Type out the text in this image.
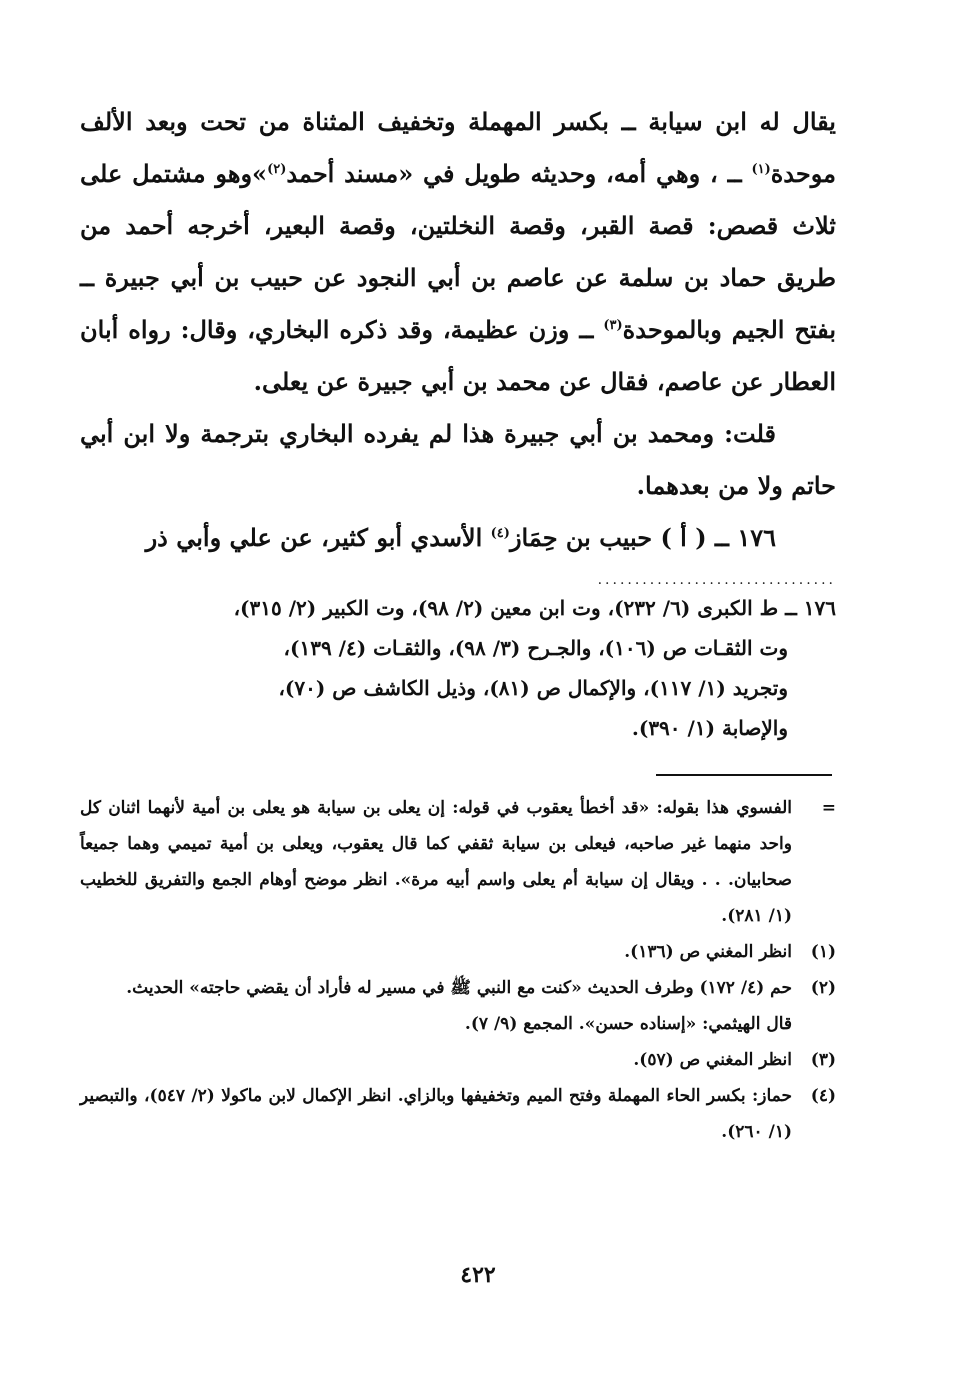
يقال له ابن سيابة ــ بكسر المهملة وتخفيف المثناة من تحت وبعد الألف موحدة$^{(١)}$ ــ ، وهي أمه، وحديثه طويل في «مسند أحمد$^{(٢)}$»وهو مشتمل على ثلاث قصص: قصة القبر، وقصة النخلتين، وقصة البعير، أخرجه أحمد من طريق حماد بن سلمة عن عاصم بن أبي النجود عن حبيب بن أبي جبيرة ــ بفتح الجيم وبالموحدة$^{(٣)}$ ــ وزن عظيمة، وقد ذكره البخاري، وقال: رواه أبان العطار عن عاصم، فقال عن محمد بن أبي جبيرة عن يعلى.

قلت: ومحمد بن أبي جبيرة هذا لم يفرده البخاري بترجمة ولا ابن أبي حاتم ولا من بعدهما.

١٧٦ ــ ( أ ) حبيب بن حِمَاز$^{(٤)}$ الأسدي أبو كثير، عن علي وأبي ذر

................................
١٧٦ ــ ط الكبرى (٦/ ٢٣٢)، وت ابن معين (٢/ ٩٨)، وت الكبير (٢/ ٣١٥)،
وت الثقـات ص (١٠٦)، والجـرح (٣/ ٩٨)، والثقـات (٤/ ١٣٩)،
وتجريد (١/ ١١٧)، والإكمال ص (٨١)، وذيل الكاشف ص (٧٠)،
والإصابة (١/ ٣٩٠).
=
الفسوي هذا بقوله: «قد أخطأ يعقوب في قوله: إن يعلى بن سيابة هو يعلى بن أمية لأنهما اثنان كل واحد منهما غير صاحبه، فيعلى بن سيابة ثقفي كما قال يعقوب، ويعلى بن أمية تميمي وهما جميعاً صحابيان. . . ويقال إن سيابة أم يعلى واسم أبيه مرة». انظر موضح أوهام الجمع والتفريق للخطيب (١/ ٢٨١).
(١)
انظر المغني ص (١٣٦).
(٢)

حم (٤/ ١٧٢) وطرف الحديث «كنت مع النبي ﷺ في مسير له فأراد أن يقضي حاجته» الحديث.

قال الهيثمي: «إسناده حسن». المجمع (٩/ ٧).

(٣)
انظر المغني ص (٥٧).
(٤)
حماز: بكسر الحاء المهملة وفتح الميم وتخفيفها وبالزاي. انظر الإكمال لابن ماكولا (٢/ ٥٤٧)، والتبصير (١/ ٢٦٠).
٤٢٢
